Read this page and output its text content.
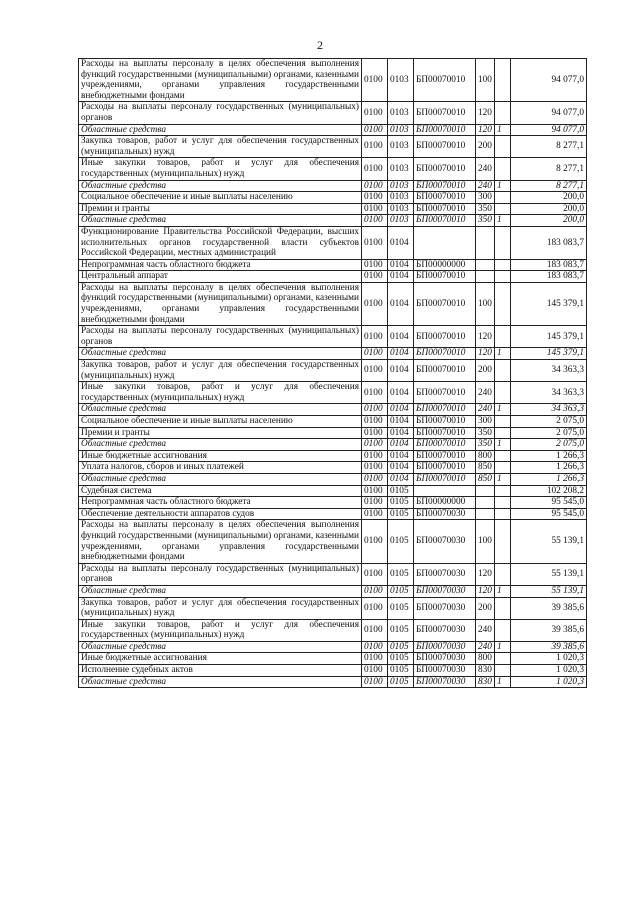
2
Расходы на выплаты персоналу в целях обеспечения выполнения функций государственными (муниципальными) органами, казенными учреждениями, органами управления государственными внебюджетными фондами	0100	0103	БП00070010	100		94 077,0
Расходы на выплаты персоналу государственных (муниципальных) органов	0100	0103	БП00070010	120		94 077,0
Областные средства	0100	0103	БП00070010	120	1	94 077,0
Закупка товаров, работ и услуг для обеспечения государственных (муниципальных) нужд	0100	0103	БП00070010	200		8 277,1
Иные закупки товаров, работ и услуг для обеспечения государственных (муниципальных) нужд	0100	0103	БП00070010	240		8 277,1
Областные средства	0100	0103	БП00070010	240	1	8 277,1
Социальное обеспечение и иные выплаты населению	0100	0103	БП00070010	300		200,0
Премии и гранты	0100	0103	БП00070010	350		200,0
Областные средства	0100	0103	БП00070010	350	1	200,0
Функционирование Правительства Российской Федерации, высших исполнительных органов государственной власти субъектов Российской Федерации, местных администраций	0100	0104				183 083,7
Непрограммная часть областного бюджета	0100	0104	БП00000000			183 083,7
Центральный аппарат	0100	0104	БП00070010			183 083,7
Расходы на выплаты персоналу в целях обеспечения выполнения функций государственными (муниципальными) органами, казенными учреждениями, органами управления государственными внебюджетными фондами	0100	0104	БП00070010	100		145 379,1
Расходы на выплаты персоналу государственных (муниципальных) органов	0100	0104	БП00070010	120		145 379,1
Областные средства	0100	0104	БП00070010	120	1	145 379,1
Закупка товаров, работ и услуг для обеспечения государственных (муниципальных) нужд	0100	0104	БП00070010	200		34 363,3
Иные закупки товаров, работ и услуг для обеспечения государственных (муниципальных) нужд	0100	0104	БП00070010	240		34 363,3
Областные средства	0100	0104	БП00070010	240	1	34 363,3
Социальное обеспечение и иные выплаты населению	0100	0104	БП00070010	300		2 075,0
Премии и гранты	0100	0104	БП00070010	350		2 075,0
Областные средства	0100	0104	БП00070010	350	1	2 075,0
Иные бюджетные ассигнования	0100	0104	БП00070010	800		1 266,3
Уплата налогов, сборов и иных платежей	0100	0104	БП00070010	850		1 266,3
Областные средства	0100	0104	БП00070010	850	1	1 266,3
Судебная система	0100	0105				102 208,2
Непрограммная часть областного бюджета	0100	0105	БП00000000			95 545,0
Обеспечение деятельности аппаратов судов	0100	0105	БП00070030			95 545,0
Расходы на выплаты персоналу в целях обеспечения выполнения функций государственными (муниципальными) органами, казенными учреждениями, органами управления государственными внебюджетными фондами	0100	0105	БП00070030	100		55 139,1
Расходы на выплаты персоналу государственных (муниципальных) органов	0100	0105	БП00070030	120		55 139,1
Областные средства	0100	0105	БП00070030	120	1	55 139,1
Закупка товаров, работ и услуг для обеспечения государственных (муниципальных) нужд	0100	0105	БП00070030	200		39 385,6
Иные закупки товаров, работ и услуг для обеспечения государственных (муниципальных) нужд	0100	0105	БП00070030	240		39 385,6
Областные средства	0100	0105	БП00070030	240	1	39 385,6
Иные бюджетные ассигнования	0100	0105	БП00070030	800		1 020,3
Исполнение судебных актов	0100	0105	БП00070030	830		1 020,3
Областные средства	0100	0105	БП00070030	830	1	1 020,3
